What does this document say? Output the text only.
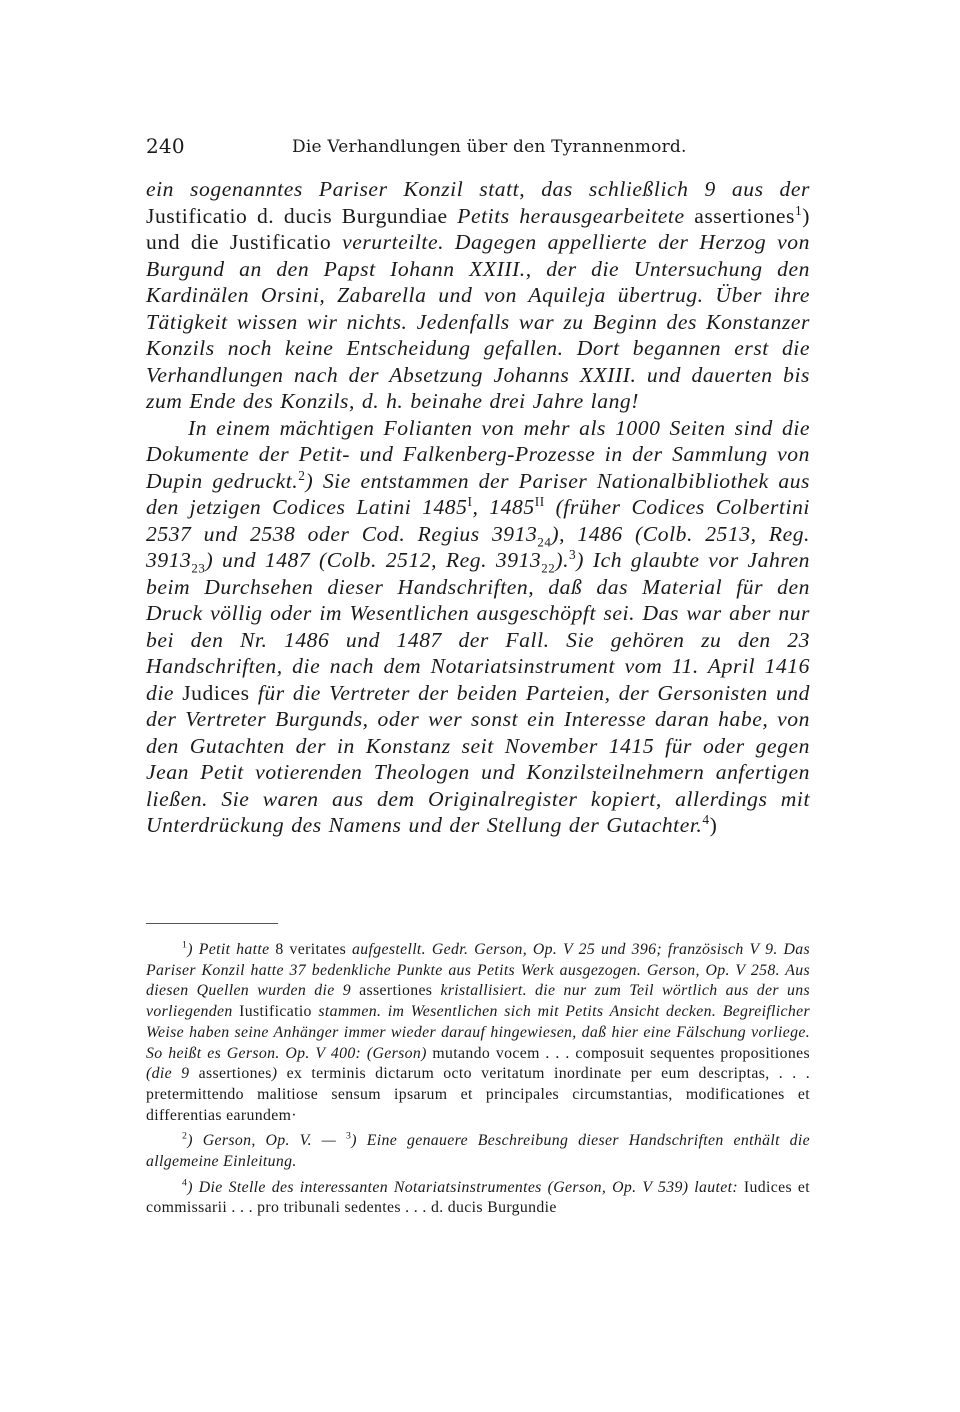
240	Die Verhandlungen über den Tyrannenmord.

ein sogenanntes Pariser Konzil statt, das schließlich 9 aus der Justificatio d. ducis Burgundiae Petits herausgearbeitete assertiones$^1$) und die Justificatio verurteilte. Dagegen appellierte der Herzog von Burgund an den Papst Iohann XXIII., der die Untersuchung den Kardinälen Orsini, Zabarella und von Aquileja übertrug. Über ihre Tätigkeit wissen wir nichts. Jedenfalls war zu Beginn des Konstanzer Konzils noch keine Entscheidung gefallen. Dort begannen erst die Verhandlungen nach der Absetzung Johanns XXIII. und dauerten bis zum Ende des Konzils, d. h. beinahe drei Jahre lang!

In einem mächtigen Folianten von mehr als 1000 Seiten sind die Dokumente der Petit- und Falkenberg-Prozesse in der Sammlung von Dupin gedruckt.$^2$) Sie entstammen der Pariser Nationalbibliothek aus den jetzigen Codices Latini $1485^I$, $1485^{II}$ (früher Codices Colbertini 2537 und 2538 oder Cod. Regius $3913_{24}$), 1486 (Colb. 2513, Reg. $3913_{23}$) und 1487 (Colb. 2512, Reg. $3913_{22}).^3$) Ich glaubte vor Jahren beim Durchsehen dieser Handschriften, daß das Material für den Druck völlig oder im Wesentlichen ausgeschöpft sei. Das war aber nur bei den Nr. 1486 und 1487 der Fall. Sie gehören zu den 23 Handschriften, die nach dem Notariatsinstrument vom 11. April 1416 die Judices für die Vertreter der beiden Parteien, der Gersonisten und der Vertreter Burgunds, oder wer sonst ein Interesse daran habe, von den Gutachten der in Konstanz seit November 1415 für oder gegen Jean Petit votierenden Theologen und Konzilsteilnehmern anfertigen ließen. Sie waren aus dem Originalregister kopiert, allerdings mit Unterdrückung des Namens und der Stellung der Gutachter.$^4$)

$^1$) Petit hatte 8 veritates aufgestellt. Gedr. Gerson, Op. V 25 und 396; französisch V 9. Das Pariser Konzil hatte 37 bedenkliche Punkte aus Petits Werk ausgezogen. Gerson, Op. V 258. Aus diesen Quellen wurden die 9 assertiones kristallisiert. die nur zum Teil wörtlich aus der uns vorliegenden Iustificatio stammen. im Wesentlichen sich mit Petits Ansicht decken. Begreiflicher Weise haben seine Anhänger immer wieder darauf hingewiesen, daß hier eine Fälschung vorliege. So heißt es Gerson. Op. V 400: (Gerson) mutando vocem . . . composuit sequentes propositiones (die 9 assertiones) ex terminis dictarum octo veritatum inordinate per eum descriptas, . . . pretermittendo malitiose sensum ipsarum et principales circumstantias, modificationes et differentias earundem·

$^2$) Gerson, Op. V. — $^3$) Eine genauere Beschreibung dieser Handschriften enthält die allgemeine Einleitung.

$^4$) Die Stelle des interessanten Notariatsinstrumentes (Gerson, Op. V 539) lautet: Iudices et commissarii . . . pro tribunali sedentes . . . d. ducis Burgundie
